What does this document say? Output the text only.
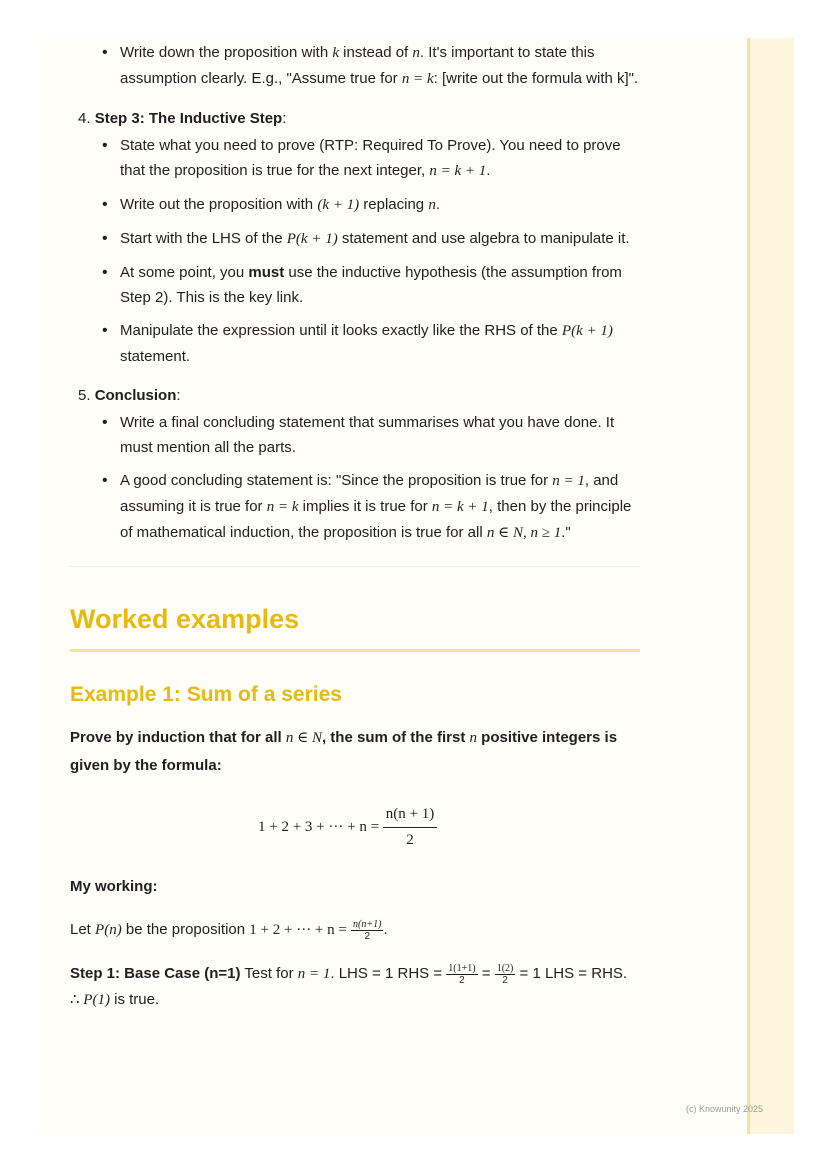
• Write down the proposition with k instead of n. It's important to state this assumption clearly. E.g., "Assume true for n = k: [write out the formula with k]".
4. Step 3: The Inductive Step:
• State what you need to prove (RTP: Required To Prove). You need to prove that the proposition is true for the next integer, n = k + 1.
• Write out the proposition with (k + 1) replacing n.
• Start with the LHS of the P(k + 1) statement and use algebra to manipulate it.
• At some point, you must use the inductive hypothesis (the assumption from Step 2). This is the key link.
• Manipulate the expression until it looks exactly like the RHS of the P(k + 1) statement.
5. Conclusion:
• Write a final concluding statement that summarises what you have done. It must mention all the parts.
• A good concluding statement is: "Since the proposition is true for n = 1, and assuming it is true for n = k implies it is true for n = k + 1, then by the principle of mathematical induction, the proposition is true for all n ∈ N, n ≥ 1."
Worked examples
Example 1: Sum of a series
Prove by induction that for all n ∈ N, the sum of the first n positive integers is given by the formula:
1 + 2 + 3 + ··· + $n = \frac{n(n + 1)}{2}$
My working:
Let P(n) be the proposition 1 + 2 + ··· + $n = \frac{n(n+1)}{2}$ .
Step 1: Base Case (n=1) Test for n = 1. LHS = 1 RHS = $\frac{1(1+1)}{2} = \frac{1(2)}{2} = 1$ LHS = RHS. ∴ P(1) is true.
(c) Knowunity 2025
